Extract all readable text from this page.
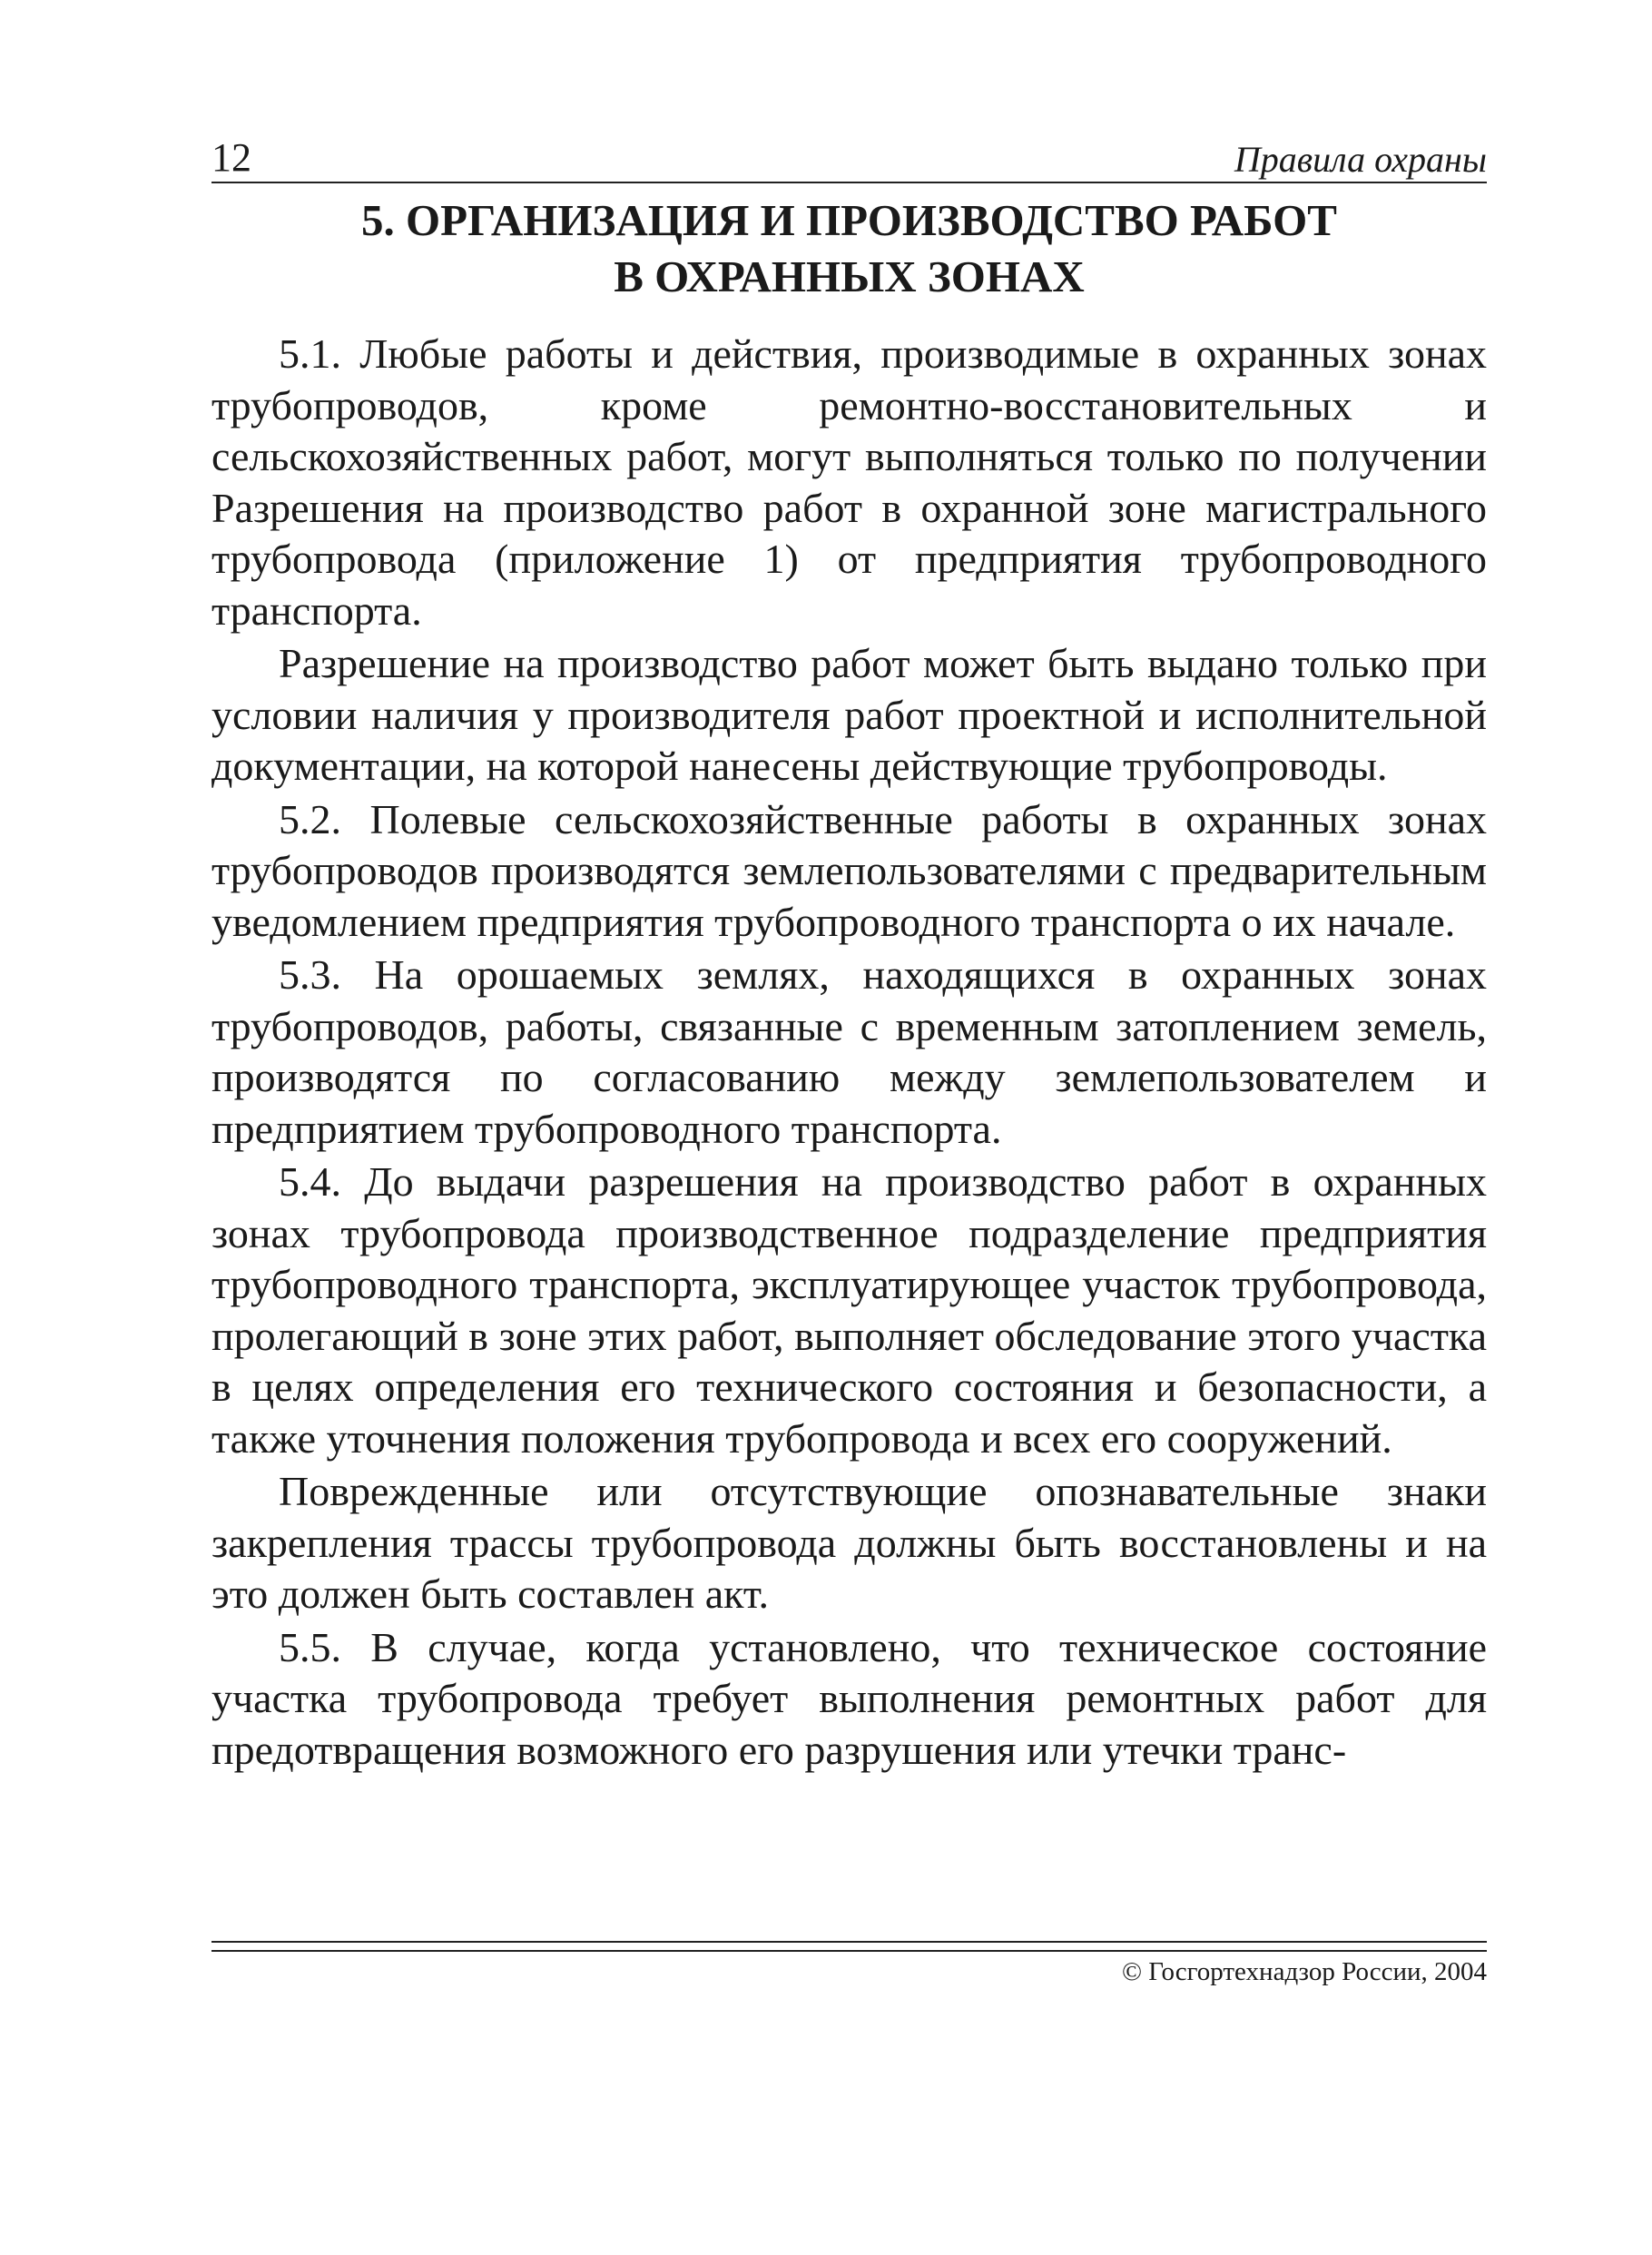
12	Правила охраны
5. ОРГАНИЗАЦИЯ И ПРОИЗВОДСТВО РАБОТ
В ОХРАННЫХ ЗОНАХ

5.1. Любые работы и действия, производимые в охранных зонах трубопроводов, кроме ремонтно-восстановительных и сельскохозяйственных работ, могут выполняться только по получении Разрешения на производство работ в охранной зоне магистрального трубопровода (приложение 1) от предприятия трубопроводного транспорта.

Разрешение на производство работ может быть выдано только при условии наличия у производителя работ проектной и исполнительной документации, на которой нанесены действующие трубопроводы.

5.2. Полевые сельскохозяйственные работы в охранных зонах трубопроводов производятся землепользователями с предварительным уведомлением предприятия трубопроводного транспорта о их начале.

5.3. На орошаемых землях, находящихся в охранных зонах трубопроводов, работы, связанные с временным затоплением земель, производятся по согласованию между землепользователем и предприятием трубопроводного транспорта.

5.4. До выдачи разрешения на производство работ в охранных зонах трубопровода производственное подразделение предприятия трубопроводного транспорта, эксплуатирующее участок трубопровода, пролегающий в зоне этих работ, выполняет обследование этого участка в целях определения его технического состояния и безопасности, а также уточнения положения трубопровода и всех его сооружений.

Поврежденные или отсутствующие опознавательные знаки закрепления трассы трубопровода должны быть восстановлены и на это должен быть составлен акт.

5.5. В случае, когда установлено, что техническое состояние участка трубопровода требует выполнения ремонтных работ для предотвращения возможного его разрушения или утечки транс-

© Госгортехнадзор России, 2004
